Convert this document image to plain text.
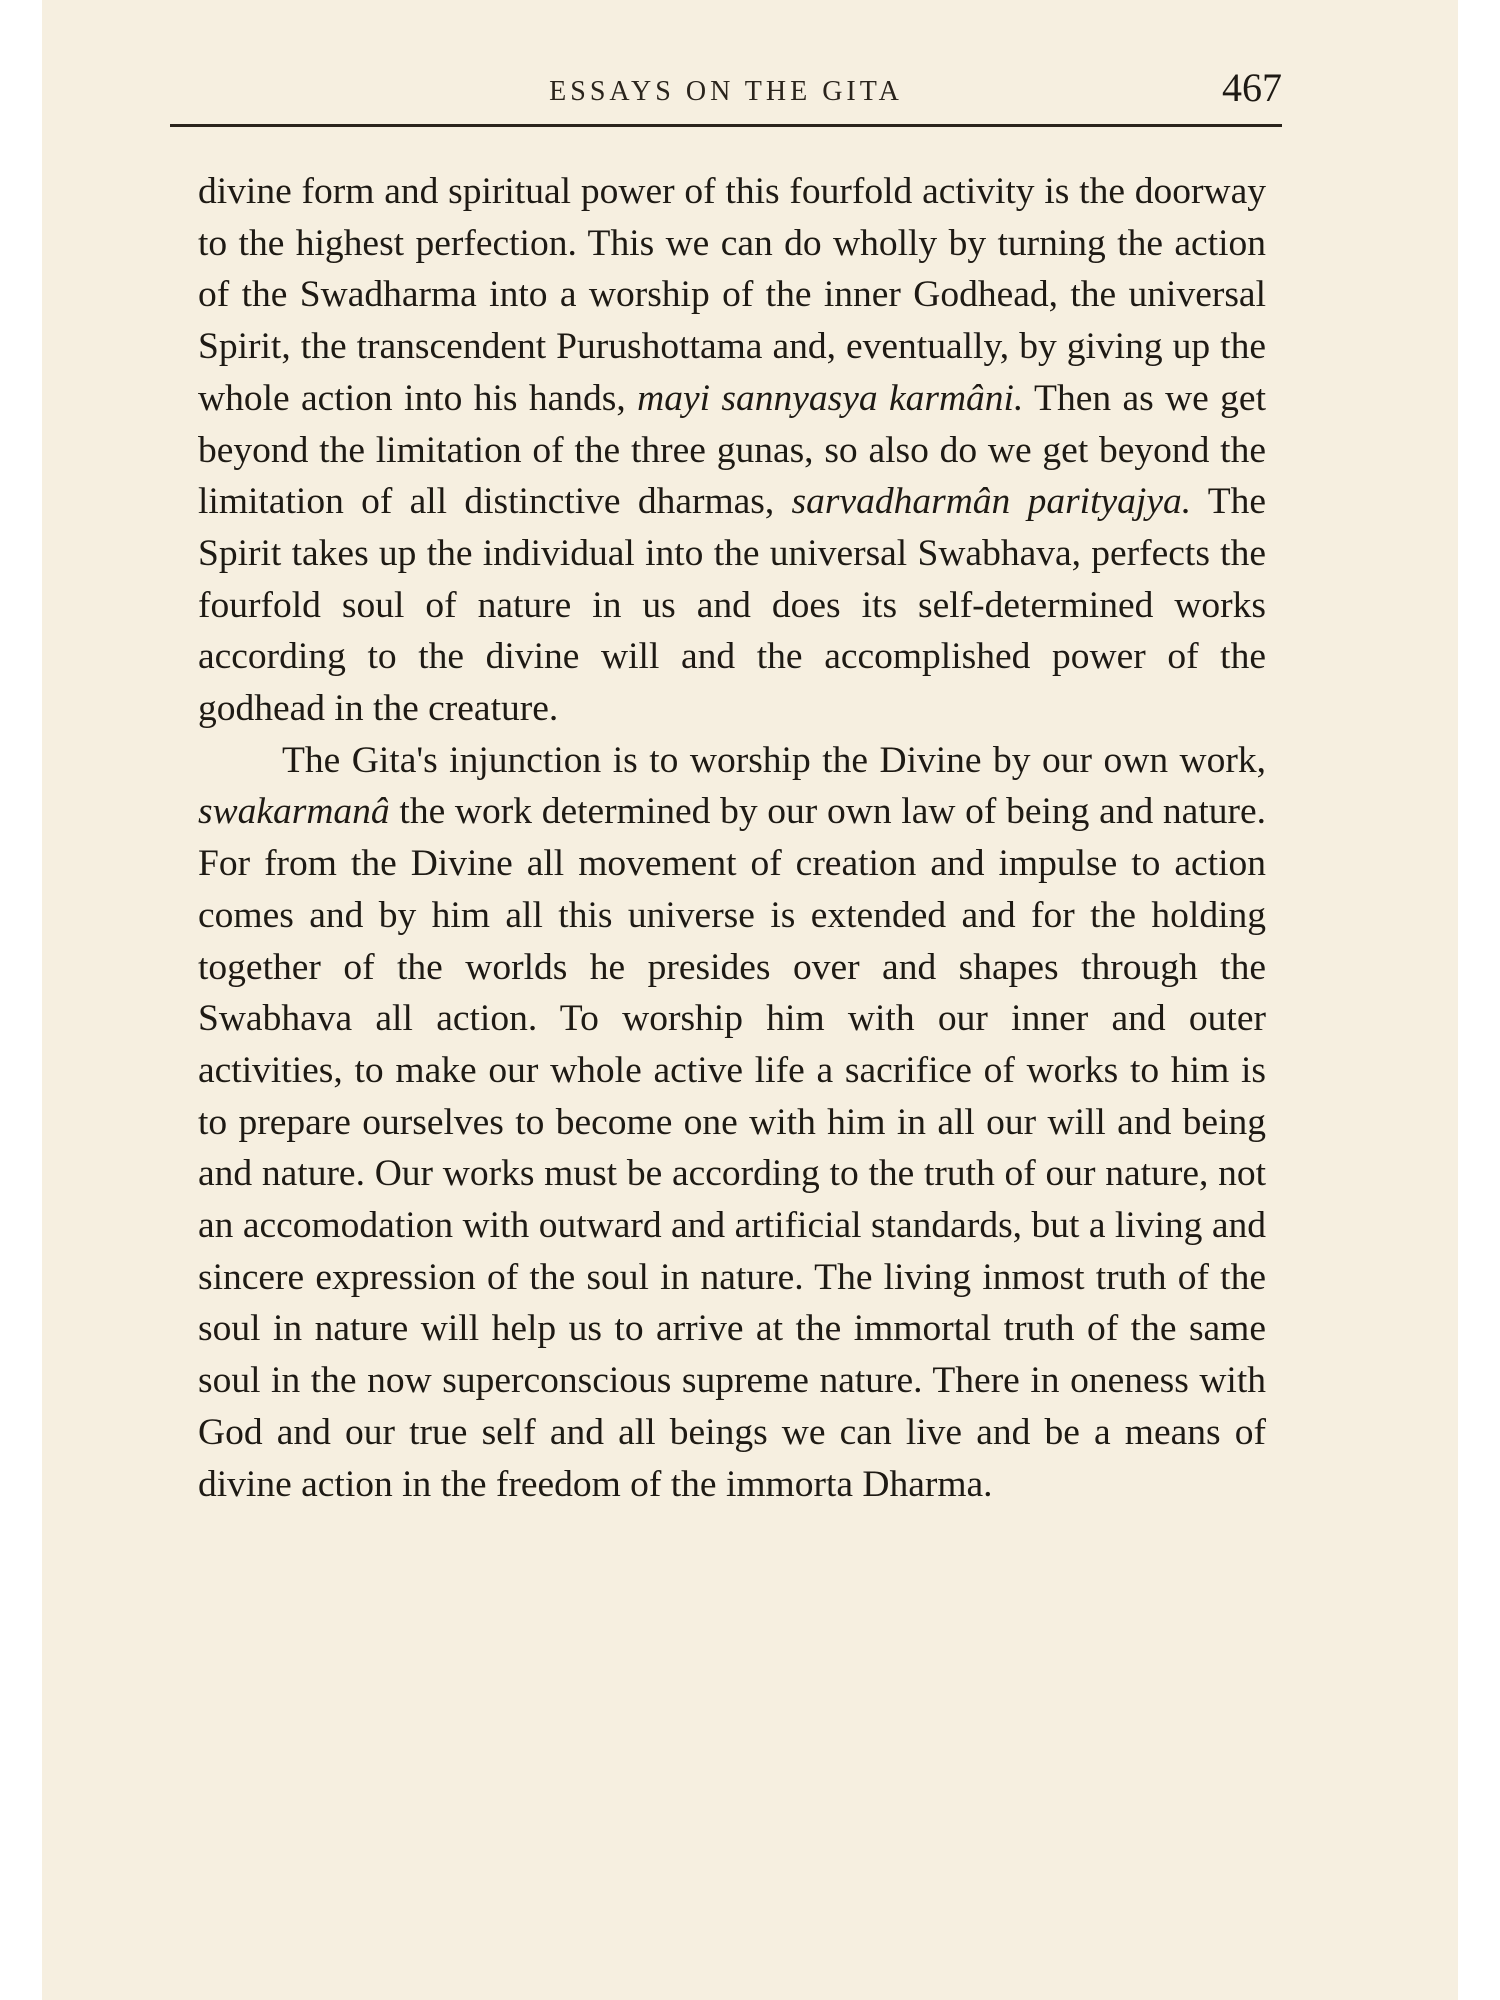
ESSAYS ON THE GITA	467

divine form and spiritual power of this fourfold activity is the doorway to the highest perfection. This we can do wholly by turning the action of the Swadharma into a worship of the inner Godhead, the universal Spirit, the transcendent Purushottama and, eventually, by giving up the whole action into his hands, mayi sannyasya karmâni. Then as we get beyond the limitation of the three gunas, so also do we get beyond the limitation of all distinctive dharmas, sarvadharmân parityajya. The Spirit takes up the individual into the universal Swabhava, perfects the fourfold soul of nature in us and does its self-determined works according to the divine will and the accomplished power of the godhead in the creature.

The Gita's injunction is to worship the Divine by our own work, swakarmanâ the work determined by our own law of being and nature. For from the Divine all movement of creation and impulse to action comes and by him all this universe is extended and for the holding together of the worlds he presides over and shapes through the Swabhava all action. To worship him with our inner and outer activities, to make our whole active life a sacrifice of works to him is to prepare ourselves to become one with him in all our will and being and nature. Our works must be according to the truth of our nature, not an accomodation with outward and artificial standards, but a living and sincere expression of the soul in nature. The living inmost truth of the soul in nature will help us to arrive at the immortal truth of the same soul in the now superconscious supreme nature. There in oneness with God and our true self and all beings we can live and be a means of divine action in the freedom of the immorta Dharma.
